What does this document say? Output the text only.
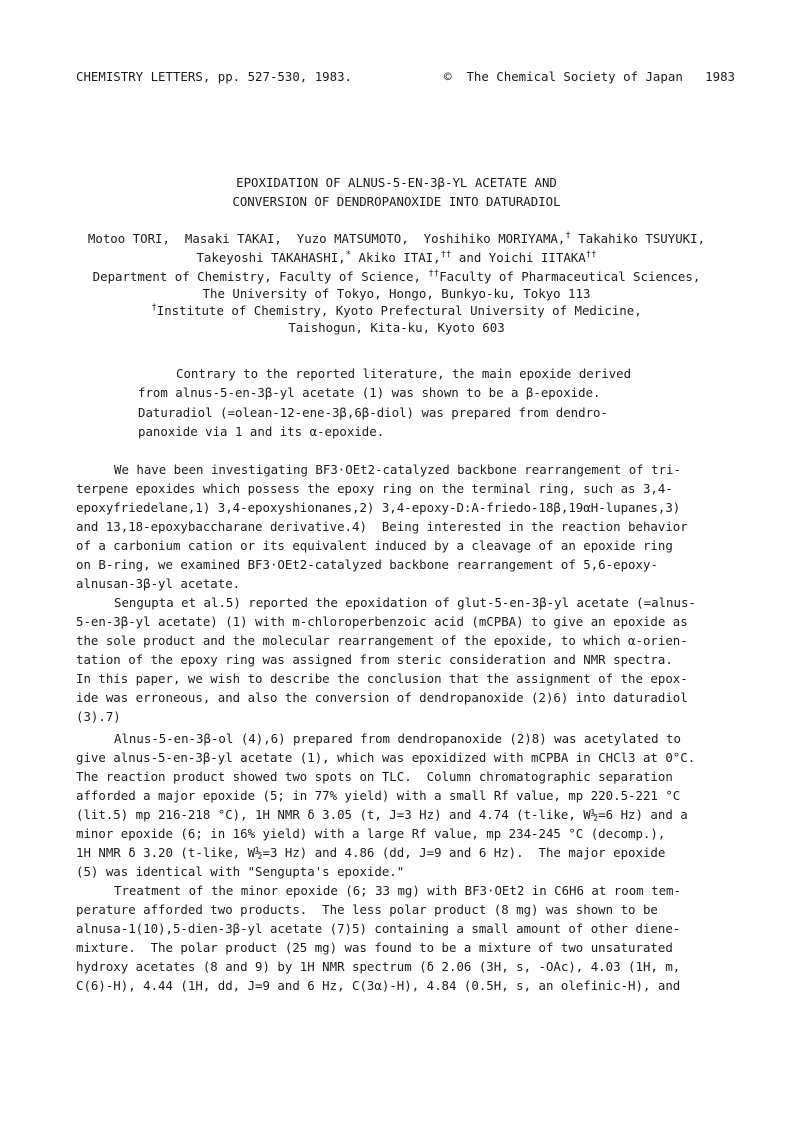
CHEMISTRY LETTERS, pp. 527-530, 1983.	©  The Chemical Society of Japan   1983
EPOXIDATION OF ALNUS-5-EN-3β-YL ACETATE AND
CONVERSION OF DENDROPANOXIDE INTO DATURADIOL
Motoo TORI,  Masaki TAKAI,  Yuzo MATSUMOTO,  Yoshihiko MORIYAMA,† Takahiko TSUYUKI,
Takeyoshi TAKAHASHI,* Akiko ITAI,†† and Yoichi IITAKA††
Department of Chemistry, Faculty of Science, ††Faculty of Pharmaceutical Sciences,
The University of Tokyo, Hongo, Bunkyo-ku, Tokyo 113
†Institute of Chemistry, Kyoto Prefectural University of Medicine,
Taishogun, Kita-ku, Kyoto 603
Contrary to the reported literature, the main epoxide derived
from alnus-5-en-3β-yl acetate (1) was shown to be a β-epoxide.
Daturadiol (=olean-12-ene-3β,6β-diol) was prepared from dendro-
panoxide via 1 and its α-epoxide.
We have been investigating BF3·OEt2-catalyzed backbone rearrangement of tri-
terpene epoxides which possess the epoxy ring on the terminal ring, such as 3,4-
epoxyfriedelane,1) 3,4-epoxyshionanes,2) 3,4-epoxy-D:A-friedo-18β,19αH-lupanes,3)
and 13,18-epoxybaccharane derivative.4)  Being interested in the reaction behavior
of a carbonium cation or its equivalent induced by a cleavage of an epoxide ring
on B-ring, we examined BF3·OEt2-catalyzed backbone rearrangement of 5,6-epoxy-
alnusan-3β-yl acetate.
Sengupta et al.5) reported the epoxidation of glut-5-en-3β-yl acetate (=alnus-
5-en-3β-yl acetate) (1) with m-chloroperbenzoic acid (mCPBA) to give an epoxide as
the sole product and the molecular rearrangement of the epoxide, to which α-orien-
tation of the epoxy ring was assigned from steric consideration and NMR spectra.
In this paper, we wish to describe the conclusion that the assignment of the epox-
ide was erroneous, and also the conversion of dendropanoxide (2)6) into daturadiol
(3).7)
Alnus-5-en-3β-ol (4),6) prepared from dendropanoxide (2)8) was acetylated to
give alnus-5-en-3β-yl acetate (1), which was epoxidized with mCPBA in CHCl3 at 0°C.
The reaction product showed two spots on TLC.  Column chromatographic separation
afforded a major epoxide (5; in 77% yield) with a small Rf value, mp 220.5-221 °C
(lit.5) mp 216-218 °C), 1H NMR δ 3.05 (t, J=3 Hz) and 4.74 (t-like, W½=6 Hz) and a
minor epoxide (6; in 16% yield) with a large Rf value, mp 234-245 °C (decomp.),
1H NMR δ 3.20 (t-like, W½=3 Hz) and 4.86 (dd, J=9 and 6 Hz).  The major epoxide
(5) was identical with "Sengupta's epoxide."
Treatment of the minor epoxide (6; 33 mg) with BF3·OEt2 in C6H6 at room tem-
perature afforded two products.  The less polar product (8 mg) was shown to be
alnusa-1(10),5-dien-3β-yl acetate (7)5) containing a small amount of other diene-
mixture.  The polar product (25 mg) was found to be a mixture of two unsaturated
hydroxy acetates (8 and 9) by 1H NMR spectrum (δ 2.06 (3H, s, -OAc), 4.03 (1H, m,
C(6)-H), 4.44 (1H, dd, J=9 and 6 Hz, C(3α)-H), 4.84 (0.5H, s, an olefinic-H), and
